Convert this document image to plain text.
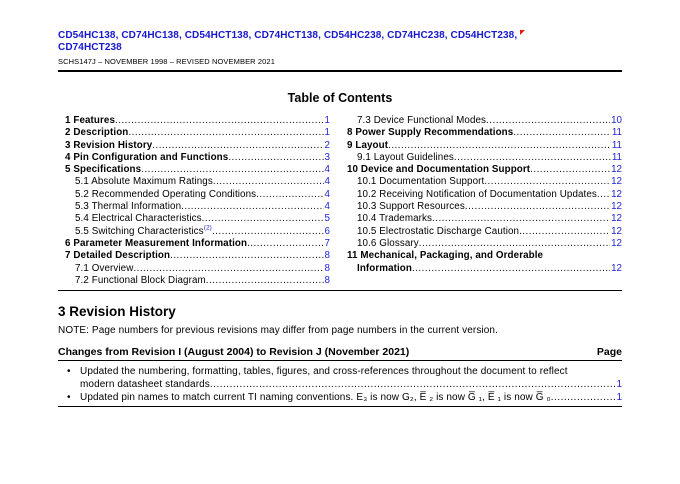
CD54HC138, CD74HC138, CD54HCT138, CD74HCT138, CD54HC238, CD74HC238, CD54HCT238,
CD74HCT238
SCHS147J – NOVEMBER 1998 – REVISED NOVEMBER 2021
Table of Contents
1 Features .....	1
2 Description .....	1
3 Revision History .....	2
4 Pin Configuration and Functions .....	3
5 Specifications .....	4
5.1 Absolute Maximum Ratings .....	4
5.2 Recommended Operating Conditions .....	4
5.3 Thermal Information .....	4
5.4 Electrical Characteristics .....	5
5.5 Switching Characteristics$^{(2)}$ .....	6
6 Parameter Measurement Information .....	7
7 Detailed Description .....	8
7.1 Overview .....	8
7.2 Functional Block Diagram .....	8
7.3 Device Functional Modes .....	10
8 Power Supply Recommendations .....	11
9 Layout .....	11
9.1 Layout Guidelines .....	11
10 Device and Documentation Support .....	12
10.1 Documentation Support .....	12
10.2 Receiving Notification of Documentation Updates ..... 12
10.3 Support Resources .....	12
10.4 Trademarks .....	12
10.5 Electrostatic Discharge Caution .....	12
10.6 Glossary .....	12
11 Mechanical, Packaging, and Orderable
Information .....	12
3 Revision History
NOTE: Page numbers for previous revisions may differ from page numbers in the current version.
Changes from Revision I (August 2004) to Revision J (November 2021)	Page
• Updated the numbering, formatting, tables, figures, and cross-references throughout the document to reflect
modern datasheet standards .....	1
• Updated pin names to match current TI naming conventions. E₃ is now G₂, E̅ ₂ is now G̅ ₁, E̅ ₁ is now G̅ ₀ .....	1
